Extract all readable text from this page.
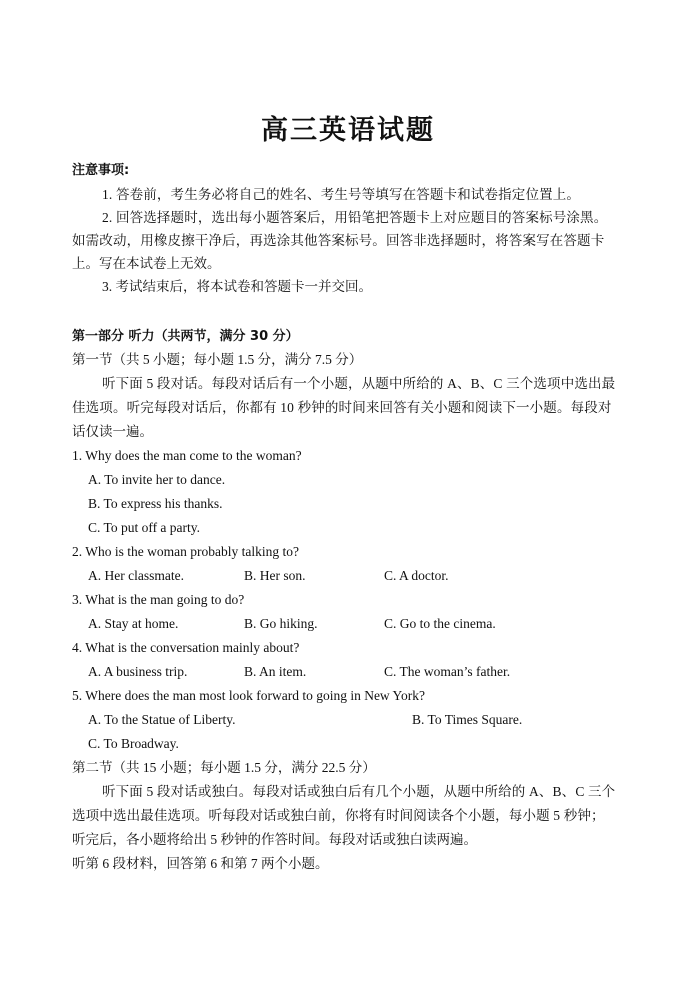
高三英语试题
注意事项:
1. 答卷前，考生务必将自己的姓名、考生号等填写在答题卡和试卷指定位置上。
2. 回答选择题时，选出每小题答案后，用铅笔把答题卡上对应题目的答案标号涂黑。
如需改动，用橡皮擦干净后，再选涂其他答案标号。回答非选择题时，将答案写在答题卡
上。写在本试卷上无效。
3. 考试结束后，将本试卷和答题卡一并交回。
第一部分 听力（共两节，满分 30 分）
第一节（共 5 小题；每小题 1.5 分，满分 7.5 分）
听下面 5 段对话。每段对话后有一个小题，从题中所给的 A、B、C 三个选项中选出最
佳选项。听完每段对话后，你都有 10 秒钟的时间来回答有关小题和阅读下一小题。每段对
话仅读一遍。
1. Why does the man come to the woman?
A. To invite her to dance.
B. To express his thanks.
C. To put off a party.
2. Who is the woman probably talking to?
A. Her classmate.	B. Her son.	C. A doctor.
3. What is the man going to do?
A. Stay at home.	B. Go hiking.	C. Go to the cinema.
4. What is the conversation mainly about?
A. A business trip.	B. An item.	C. The woman’s father.
5. Where does the man most look forward to going in New York?
A. To the Statue of Liberty.	B. To Times Square.
C. To Broadway.
第二节（共 15 小题；每小题 1.5 分，满分 22.5 分）
听下面 5 段对话或独白。每段对话或独白后有几个小题，从题中所给的 A、B、C 三个
选项中选出最佳选项。听每段对话或独白前，你将有时间阅读各个小题，每小题 5 秒钟；
听完后，各小题将给出 5 秒钟的作答时间。每段对话或独白读两遍。
听第 6 段材料，回答第 6 和第 7 两个小题。
